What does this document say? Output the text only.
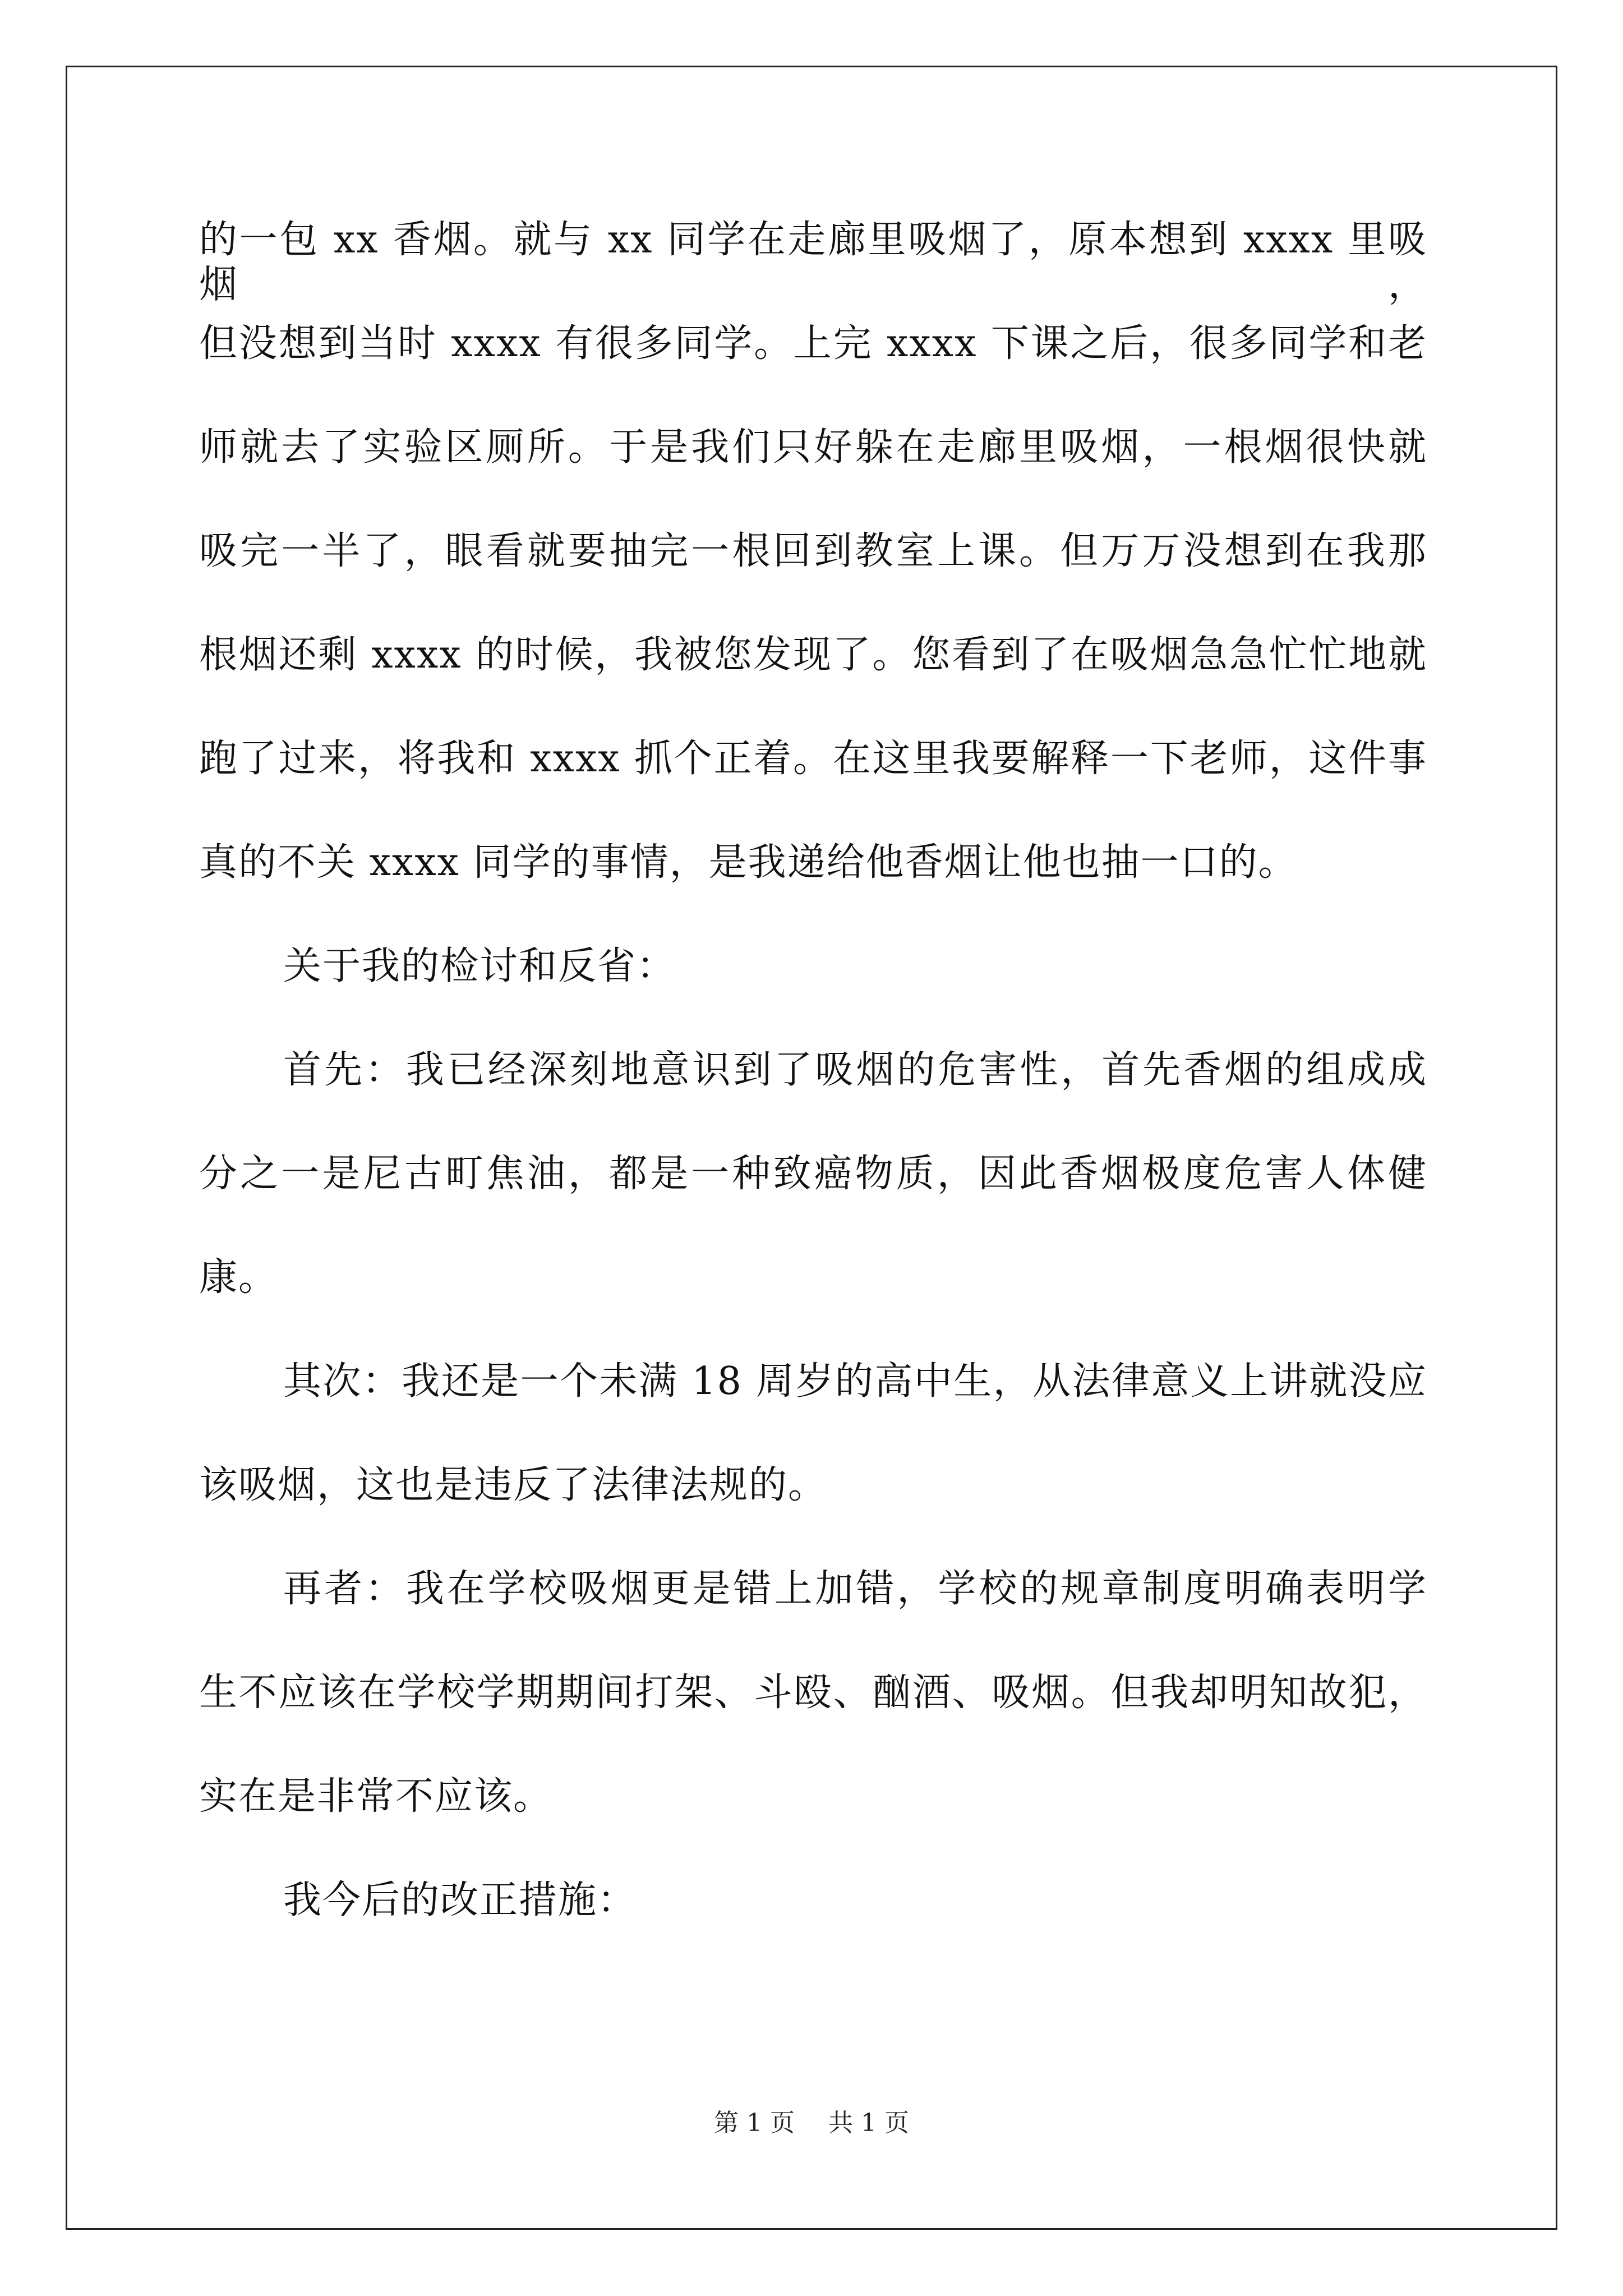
的一包 xx 香烟。就与 xx 同学在走廊里吸烟了，原本想到 xxxx 里吸烟，
但没想到当时 xxxx 有很多同学。上完 xxxx 下课之后，很多同学和老
师就去了实验区厕所。于是我们只好躲在走廊里吸烟，一根烟很快就
吸完一半了，眼看就要抽完一根回到教室上课。但万万没想到在我那
根烟还剩 xxxx 的时候，我被您发现了。您看到了在吸烟急急忙忙地就
跑了过来，将我和 xxxx 抓个正着。在这里我要解释一下老师，这件事
真的不关 xxxx 同学的事情，是我递给他香烟让他也抽一口的。
关于我的检讨和反省：
首先：我已经深刻地意识到了吸烟的危害性，首先香烟的组成成
分之一是尼古町焦油，都是一种致癌物质，因此香烟极度危害人体健
康。
其次：我还是一个未满 18 周岁的高中生，从法律意义上讲就没应
该吸烟，这也是违反了法律法规的。
再者：我在学校吸烟更是错上加错，学校的规章制度明确表明学
生不应该在学校学期期间打架、斗殴、酗酒、吸烟。但我却明知故犯，
实在是非常不应该。
我今后的改正措施：
第 1 页 共 1 页
